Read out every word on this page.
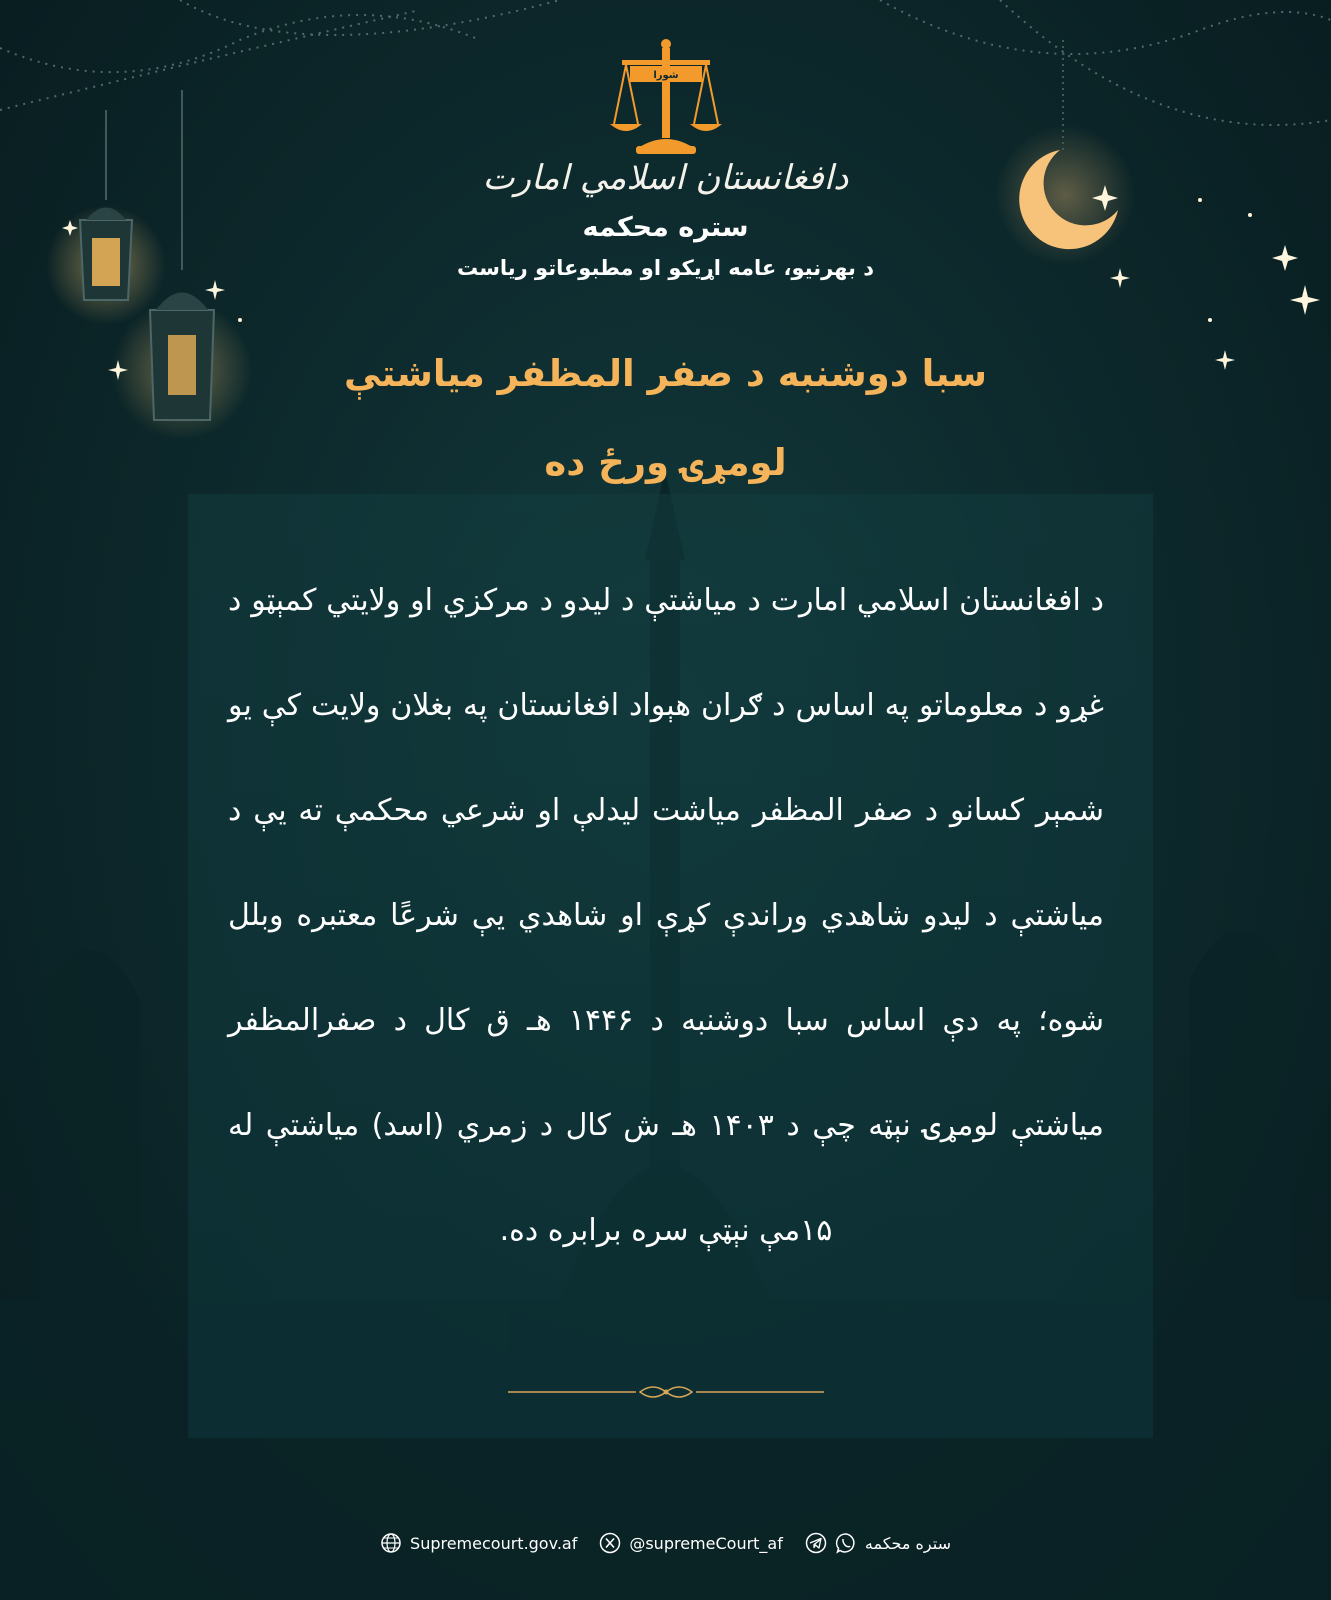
شورا
دافغانستان اسلامي امارت
ستره محکمه
د بهرنیو، عامه اړیکو او مطبوعاتو ریاست
سبا دوشنبه د صفر المظفر میاشتې
لومړۍ ورځ ده
د افغانستان اسلامي امارت د میاشتې د لیدو د مرکزي او ولایتي کمېټو د غړو د معلوماتو په اساس د ګران هېواد افغانستان په بغلان ولایت کې یو شمېر کسانو د صفر المظفر میاشت لیدلې او شرعي محکمې ته یې د میاشتې د لیدو شاهدي وراندې کړې او شاهدي یې شرعًا معتبره وبلل شوه؛ په دې اساس سبا دوشنبه د ۱۴۴۶ هـ ق کال د صفرالمظفر میاشتې لومړۍ نېټه چې د ۱۴۰۳ هـ ش کال د زمري (اسد) میاشتې له ۱۵مې نېټې سره برابره ده.
Supremecourt.gov.af	@supremeCourt_af	ستره محکمه
